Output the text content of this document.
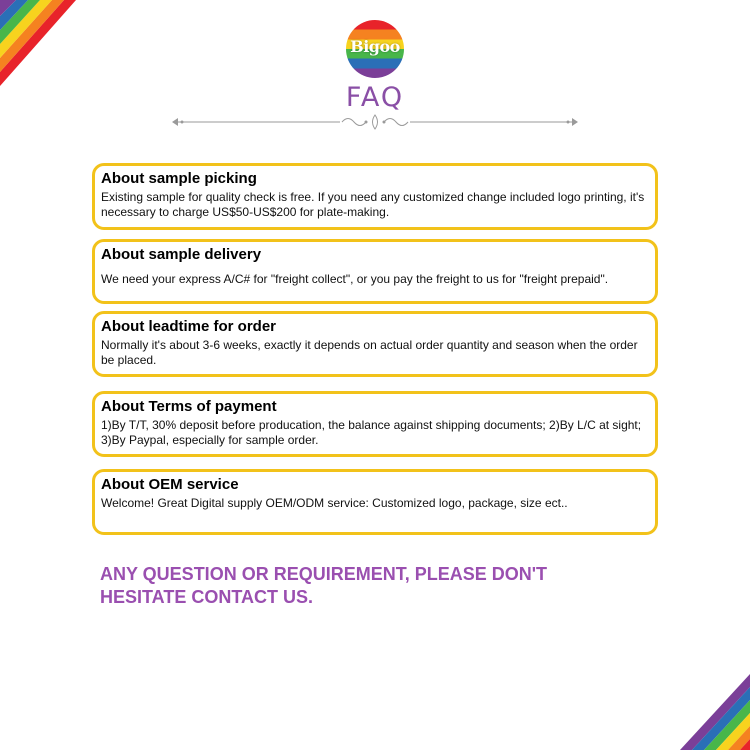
Bigoo
FAQ
About sample picking
Existing sample for quality check is free. If you need any customized change included logo printing, it's necessary to charge US$50-US$200 for plate-making.
About sample delivery
We need your express A/C# for "freight collect", or you pay the freight to us for "freight prepaid".
About leadtime for order
Normally it's about 3-6 weeks, exactly it depends on actual order quantity and season when the order be placed.
About Terms of payment
1)By T/T, 30% deposit before producation, the balance against shipping documents; 2)By L/C at sight; 3)By Paypal, especially for sample order.
About OEM service
Welcome! Great Digital supply OEM/ODM service: Customized logo, package, size ect..
ANY QUESTION OR REQUIREMENT, PLEASE DON'T HESITATE CONTACT US.
